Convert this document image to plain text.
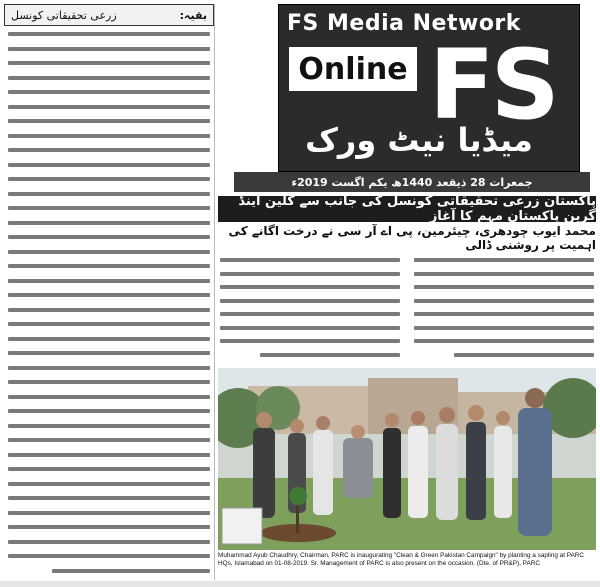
بقیہ:
زرعی تحقیقاتی کونسل	FS Media Network
Online FS
میڈیا نیٹ ورک
جمعرات 28 ذیقعد 1440ھ یکم اگست 2019ء
پاکستان زرعی تحقیقاتی کونسل کی جانب سے کلین اینڈ گرین پاکستان مہم کا آغاز
محمد ایوب چودھری، چیئرمین، پی اے آر سی نے درخت اگانے کی اہمیت پر روشنی ڈالی
Muhammad Ayub Chaudhry, Chairman, PARC is inaugurating "Clean & Green Pakistan Campaign" by planting a sapling at PARC HQs, Islamabad on 01-08-2019. Sr. Management of PARC is also present on the occasion. (Dte. of PR&P), PARC
